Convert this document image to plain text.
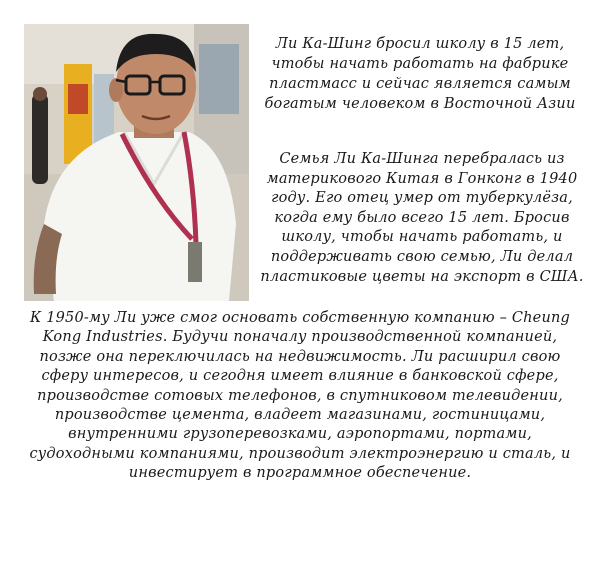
Ли Ка-Шинг бросил школу в 15 лет, чтобы начать работать на фабрике пластмасс и сейчас является самым богатым человеком в Восточной Азии

Семья Ли Ка-Шинга перебралась из материкового Китая в Гонконг в 1940 году. Его отец умер от туберкулёза, когда ему было всего 15 лет. Бросив школу, чтобы начать работать, и поддерживать свою семью, Ли делал пластиковые цветы на экспорт в США.

К 1950-му Ли уже смог основать собственную компанию – Cheung Kong Industries. Будучи поначалу производственной компанией, позже она переключилась на недвижимость. Ли расширил свою сферу интересов, и сегодня имеет влияние в банковской сфере, производстве сотовых телефонов, в спутниковом телевидении, производстве цемента, владеет магазинами, гостиницами, внутренними грузоперевозками, аэропортами, портами, судоходными компаниями, производит электроэнергию и сталь, и инвестирует в программное обеспечение.
